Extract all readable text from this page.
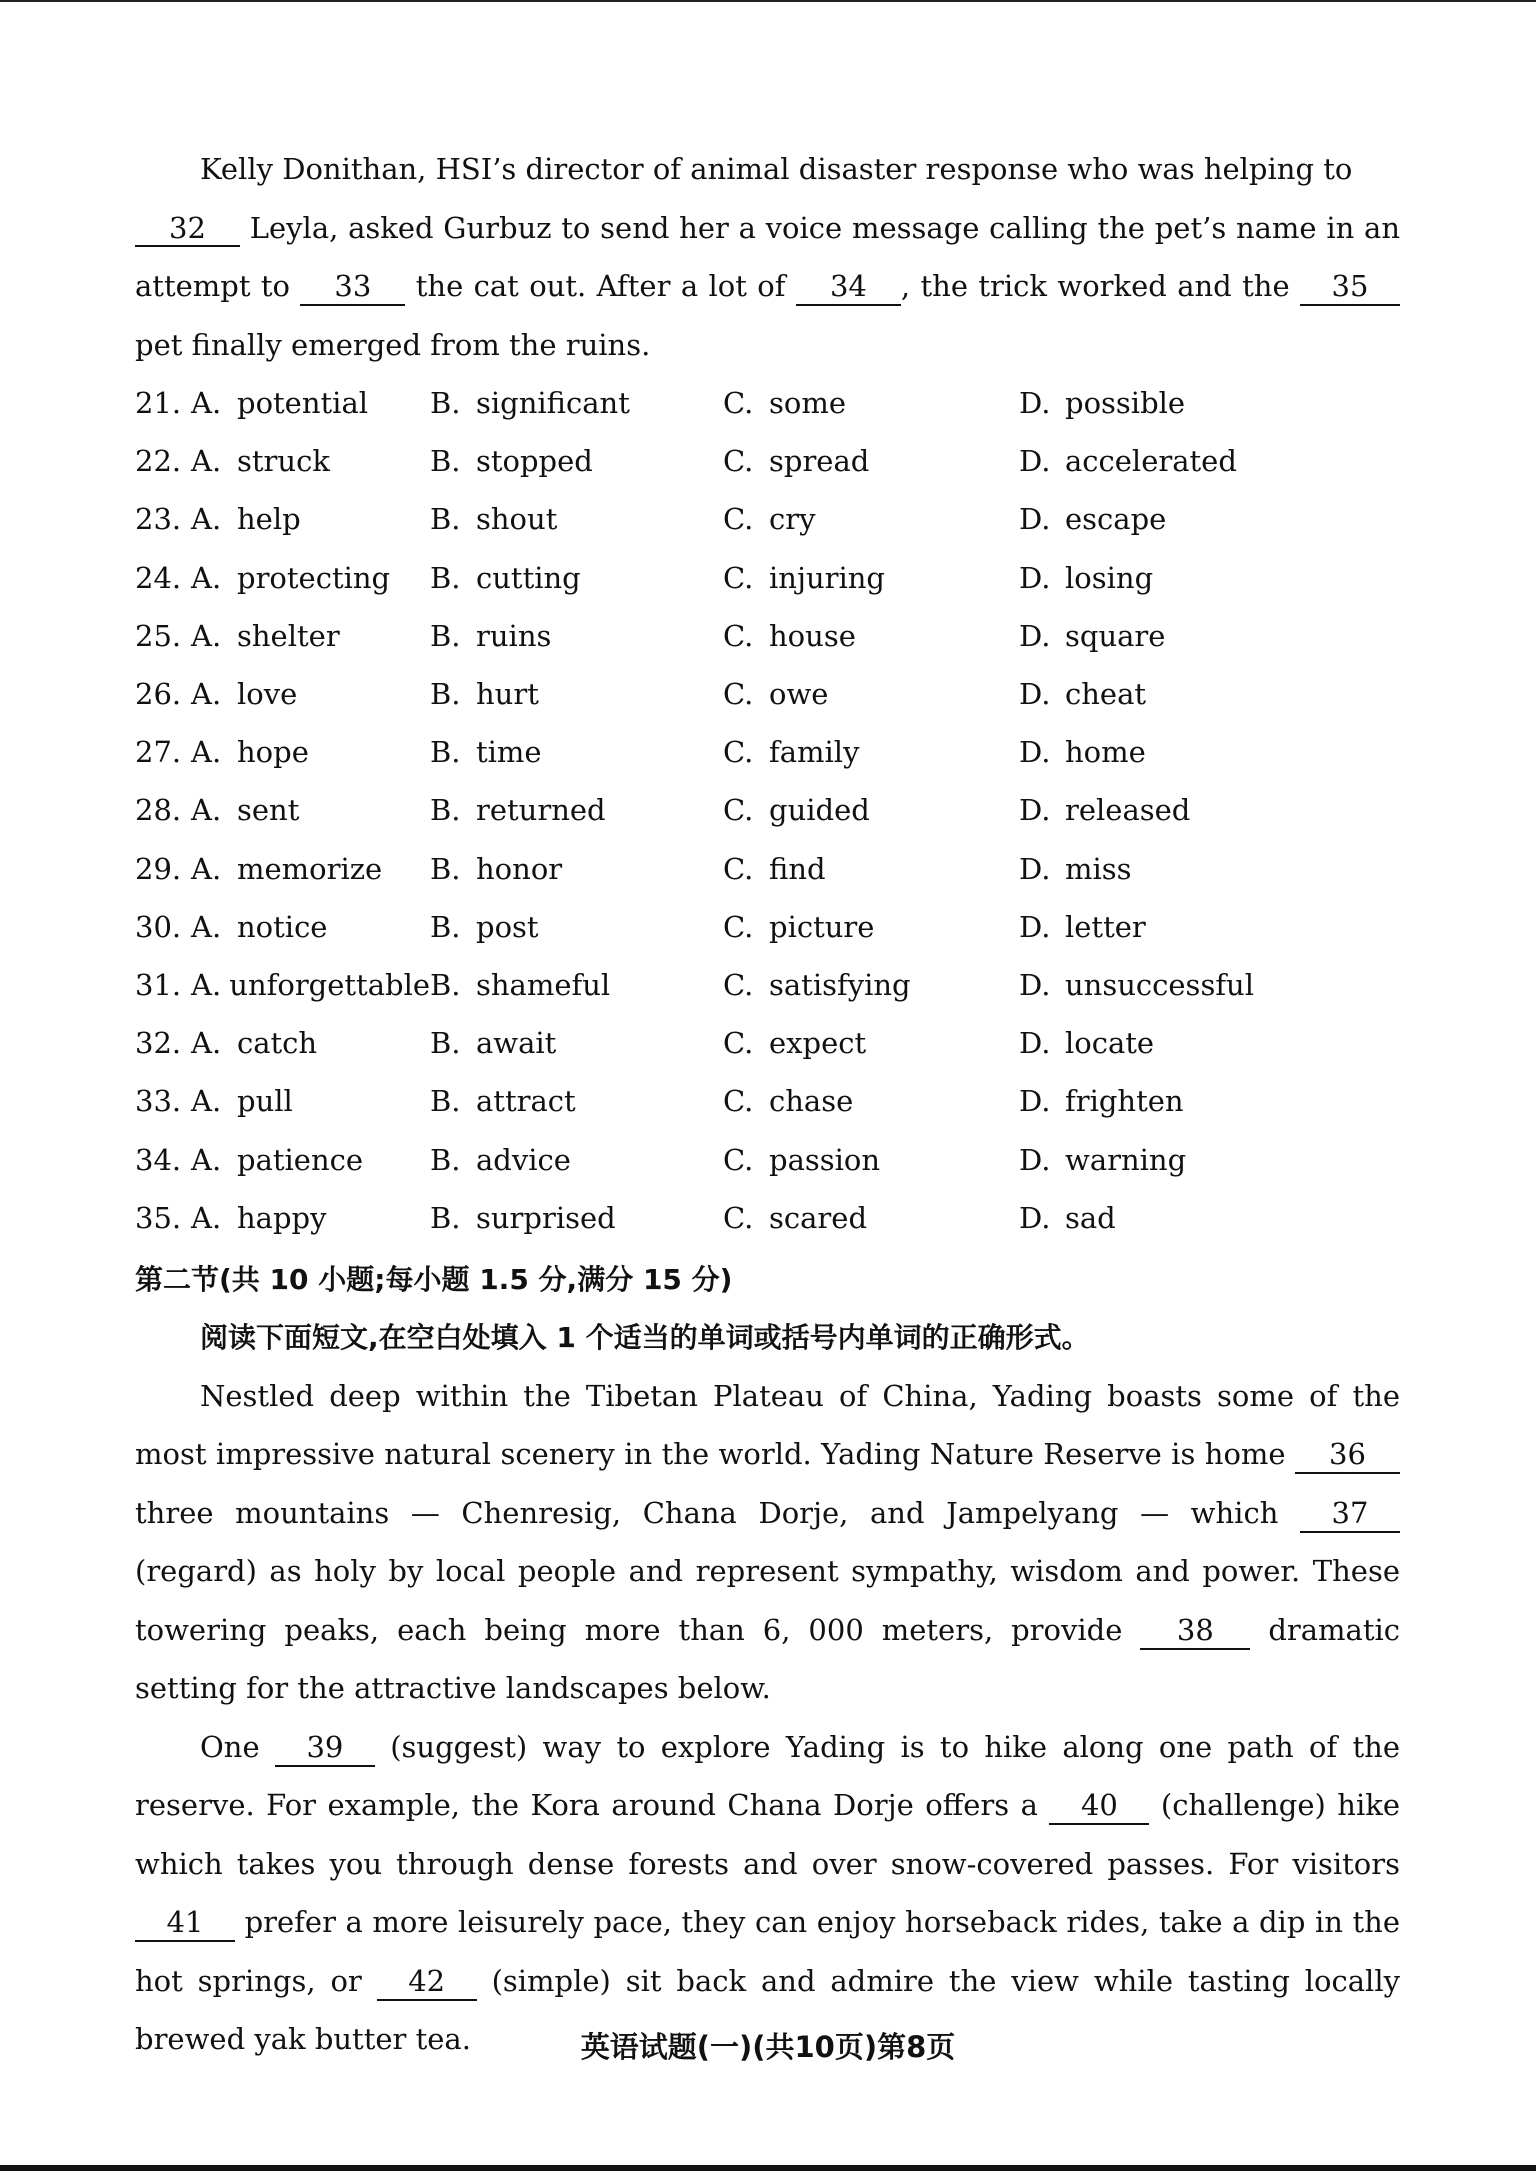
Kelly Donithan, HSI’s director of animal disaster response who was helping to
32 Leyla, asked Gurbuz to send her a voice message calling the pet’s name in an attempt to 33 the cat out. After a lot of 34 , the trick worked and the 35 pet finally emerged from the ruins.

21. A. potential B. significant	C. some	D. possible
22. A. struck	B. stopped	C. spread	D. accelerated
23. A. help	B. shout	C. cry	D. escape
24. A. protecting B. cutting	C. injuring	D. losing
25. A. shelter	B. ruins	C. house	D. square
26. A. love	B. hurt	C. owe	D. cheat
27. A. hope	B. time	C. family	D. home
28. A. sent	B. returned	C. guided	D. released
29. A. memorize B. honor	C. find	D. miss
30. A. notice	B. post	C. picture	D. letter
31. A. unforgettable B. shameful	C. satisfying	D. unsuccessful
32. A. catch	B. await	C. expect	D. locate
33. A. pull	B. attract	C. chase	D. frighten
34. A. patience B. advice	C. passion	D. warning
35. A. happy	B. surprised	C. scared	D. sad
第二节(共 10 小题;每小题 1.5 分,满分 15 分)
阅读下面短文,在空白处填入 1 个适当的单词或括号内单词的正确形式。

Nestled deep within the Tibetan Plateau of China, Yading boasts some of the most impressive natural scenery in the world. Yading Nature Reserve is home 36 three mountains — Chenresig, Chana Dorje, and Jampelyang — which 37 (regard) as holy by local people and represent sympathy, wisdom and power. These towering peaks, each being more than 6, 000 meters, provide 38 dramatic setting for the attractive landscapes below.

One 39 (suggest) way to explore Yading is to hike along one path of the reserve. For example, the Kora around Chana Dorje offers a 40 (challenge) hike which takes you through dense forests and over snow-covered passes. For visitors 41 prefer a more leisurely pace, they can enjoy horseback rides, take a dip in the hot springs, or 42 (simple) sit back and admire the view while tasting locally brewed yak butter tea.	英语试题(一)(共10页)第8页
